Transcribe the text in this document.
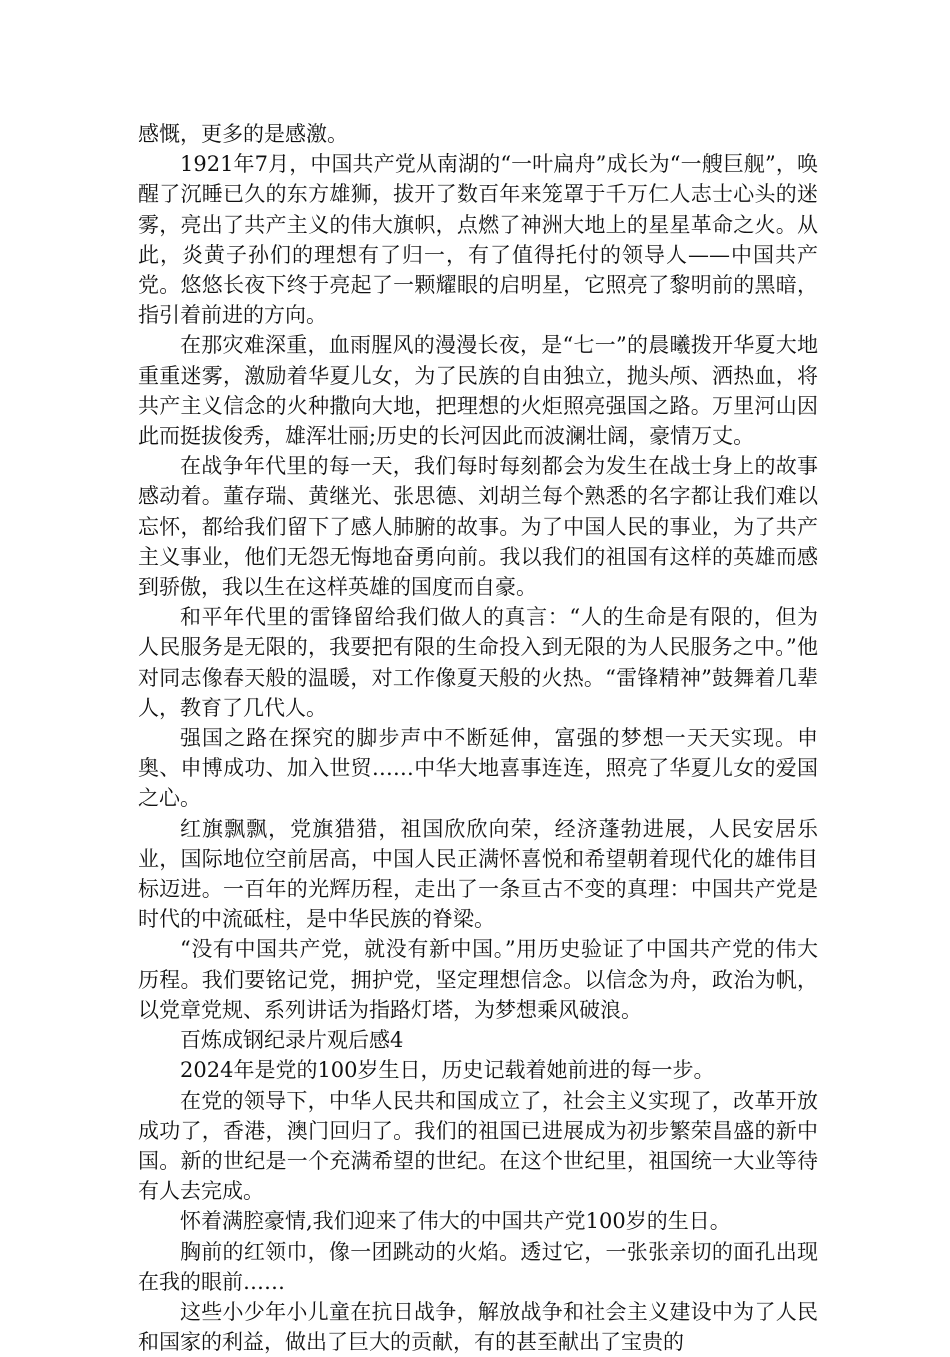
感慨，更多的是感激。

1921年7月，中国共产党从南湖的“一叶扁舟”成长为“一艘巨舰”，唤醒了沉睡已久的东方雄狮，拔开了数百年来笼罩于千万仁人志士心头的迷雾，亮出了共产主义的伟大旗帜，点燃了神洲大地上的星星革命之火。从此，炎黄子孙们的理想有了归一，有了值得托付的领导人——中国共产党。悠悠长夜下终于亮起了一颗耀眼的启明星，它照亮了黎明前的黑暗，指引着前进的方向。

在那灾难深重，血雨腥风的漫漫长夜，是“七一”的晨曦拨开华夏大地重重迷雾，激励着华夏儿女，为了民族的自由独立，抛头颅、洒热血，将共产主义信念的火种撒向大地，把理想的火炬照亮强国之路。万里河山因此而挺拔俊秀，雄浑壮丽;历史的长河因此而波澜壮阔，豪情万丈。

在战争年代里的每一天，我们每时每刻都会为发生在战士身上的故事感动着。董存瑞、黄继光、张思德、刘胡兰每个熟悉的名字都让我们难以忘怀，都给我们留下了感人肺腑的故事。为了中国人民的事业，为了共产主义事业，他们无怨无悔地奋勇向前。我以我们的祖国有这样的英雄而感到骄傲，我以生在这样英雄的国度而自豪。

和平年代里的雷锋留给我们做人的真言：“人的生命是有限的，但为人民服务是无限的，我要把有限的生命投入到无限的为人民服务之中。”他对同志像春天般的温暖，对工作像夏天般的火热。“雷锋精神”鼓舞着几辈人，教育了几代人。

强国之路在探究的脚步声中不断延伸，富强的梦想一天天实现。申奥、申博成功、加入世贸……中华大地喜事连连，照亮了华夏儿女的爱国之心。

红旗飘飘，党旗猎猎，祖国欣欣向荣，经济蓬勃进展，人民安居乐业，国际地位空前居高，中国人民正满怀喜悦和希望朝着现代化的雄伟目标迈进。一百年的光辉历程，走出了一条亘古不变的真理：中国共产党是时代的中流砥柱，是中华民族的脊梁。

“没有中国共产党，就没有新中国。”用历史验证了中国共产党的伟大历程。我们要铭记党，拥护党，坚定理想信念。以信念为舟，政治为帆，以党章党规、系列讲话为指路灯塔，为梦想乘风破浪。

百炼成钢纪录片观后感4

2024年是党的100岁生日，历史记载着她前进的每一步。

在党的领导下，中华人民共和国成立了，社会主义实现了，改革开放成功了，香港，澳门回归了。我们的祖国已进展成为初步繁荣昌盛的新中国。新的世纪是一个充满希望的世纪。在这个世纪里，祖国统一大业等待有人去完成。

怀着满腔豪情,我们迎来了伟大的中国共产党100岁的生日。

胸前的红领巾，像一团跳动的火焰。透过它，一张张亲切的面孔出现在我的眼前……

这些小少年小儿童在抗日战争，解放战争和社会主义建设中为了人民和国家的利益，做出了巨大的贡献，有的甚至献出了宝贵的
